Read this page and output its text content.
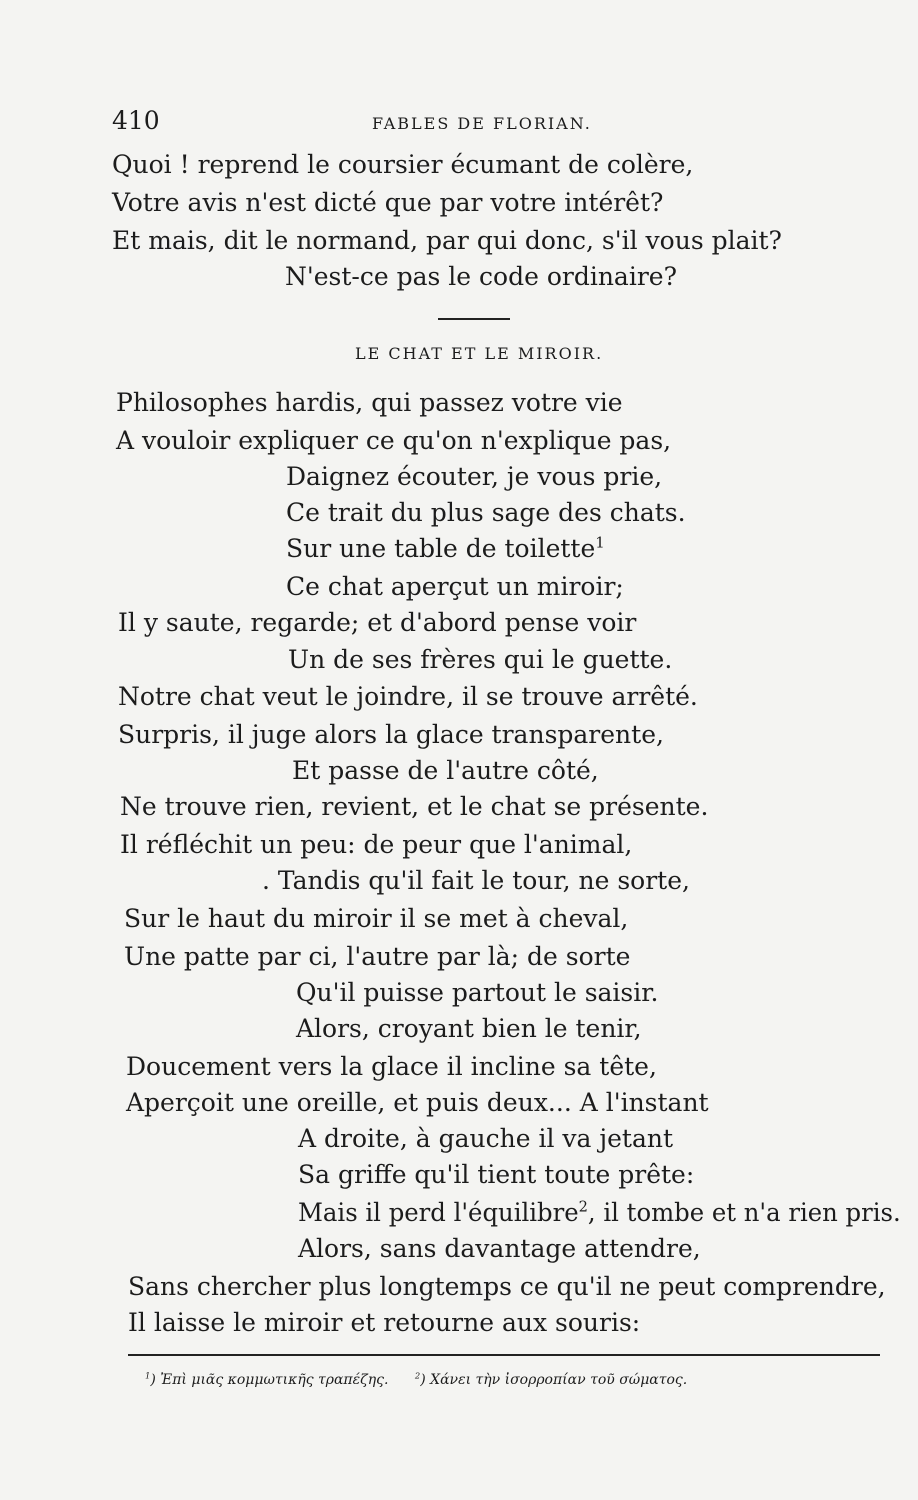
410	FABLES DE FLORIAN.
Quoi ! reprend le coursier écumant de colère,
Votre avis n'est dicté que par votre intérêt?
Et mais, dit le normand, par qui donc, s'il vous plait?
N'est-ce pas le code ordinaire?
LE CHAT ET LE MIROIR.
Philosophes hardis, qui passez votre vie
A vouloir expliquer ce qu'on n'explique pas,
Daignez écouter, je vous prie,
Ce trait du plus sage des chats.
Sur une table de toilette$^1$
Ce chat aperçut un miroir;
Il y saute, regarde; et d'abord pense voir
Un de ses frères qui le guette.
Notre chat veut le joindre, il se trouve arrêté.
Surpris, il juge alors la glace transparente,
Et passe de l'autre côté,
Ne trouve rien, revient, et le chat se présente.
Il réfléchit un peu: de peur que l'animal,
. Tandis qu'il fait le tour, ne sorte,
Sur le haut du miroir il se met à cheval,
Une patte par ci, l'autre par là; de sorte
Qu'il puisse partout le saisir.
Alors, croyant bien le tenir,
Doucement vers la glace il incline sa tête,
Aperçoit une oreille, et puis deux... A l'instant
A droite, à gauche il va jetant
Sa griffe qu'il tient toute prête:
Mais il perd l'équilibre$^2$, il tombe et n'a rien pris.
Alors, sans davantage attendre,
Sans chercher plus longtemps ce qu'il ne peut comprendre,
Il laisse le miroir et retourne aux souris:
$^1$) Ἐπὶ μιᾶς κομμωτικῆς τραπέζης.	$^2$) Χάνει τὴν ἰσορροπίαν τοῦ σώματος.
